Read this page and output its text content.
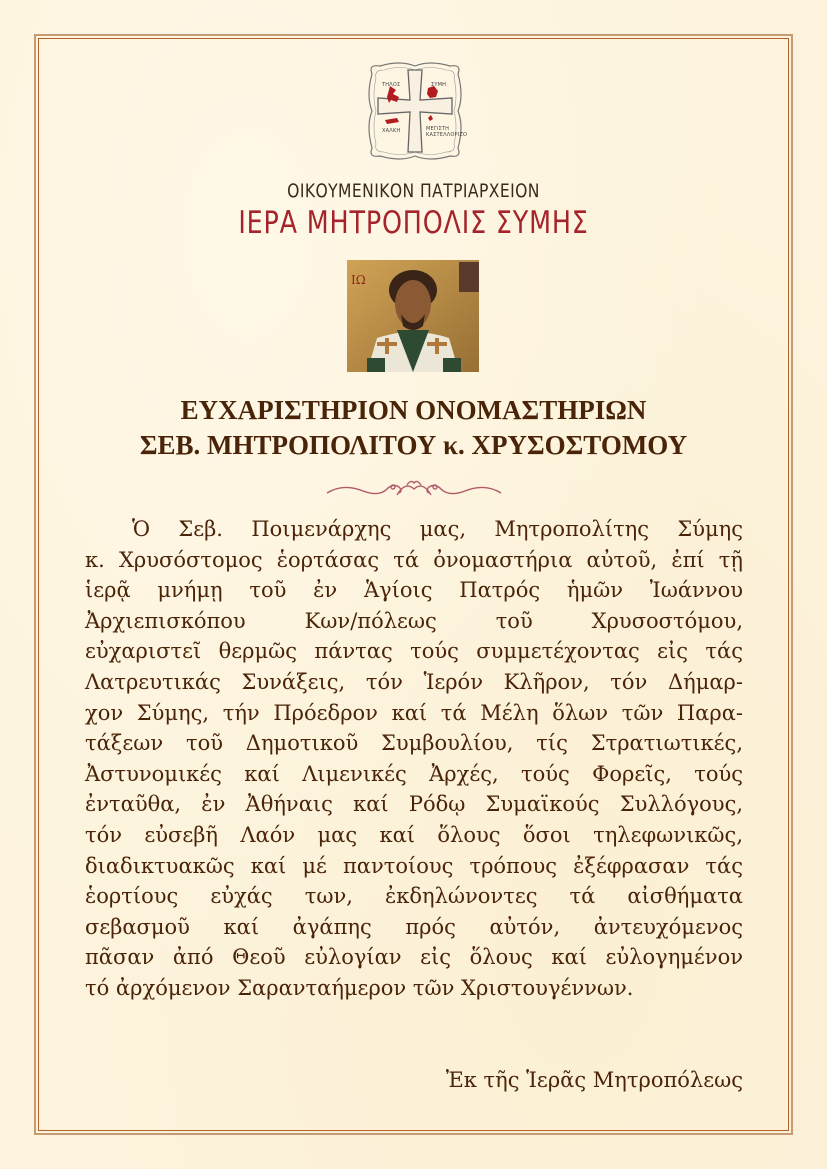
ΤΗΛΟΣ	ΣΥΜΗ
ΧΑΛΚΗ	ΜΕΓΙΣΤΗ ΚΑΣΤΕΛΛΟΡΙΖΟ
ΟΙΚΟΥΜΕΝΙΚΟΝ ΠΑΤΡΙΑΡΧΕΙΟΝ
ΙΕΡΑ ΜΗΤΡΟΠΟΛΙΣ ΣΥΜΗΣ
ΙΩ
ΕΥΧΑΡΙΣΤΗΡΙΟΝ ΟΝΟΜΑΣΤΗΡΙΩΝ
ΣΕΒ. ΜΗΤΡΟΠΟΛΙΤΟΥ κ. ΧΡΥΣΟΣΤΟΜΟΥ
Ὁ Σεβ. Ποιμενάρχης μας, Μητροπολίτης Σύμης
κ. Χρυσόστομος ἑορτάσας τά ὀνομαστήρια αὐτοῦ, ἐπί τῇ
ἱερᾷ μνήμῃ τοῦ ἐν Ἁγίοις Πατρός ἡμῶν Ἰωάννου
Ἀρχιεπισκόπου Κων/πόλεως τοῦ Χρυσοστόμου,
εὐχαριστεῖ θερμῶς πάντας τούς συμμετέχοντας εἰς τάς
Λατρευτικάς Συνάξεις, τόν Ἱερόν Κλῆρον, τόν Δήμαρ-
χον Σύμης, τήν Πρόεδρον καί τά Μέλη ὅλων τῶν Παρα-
τάξεων τοῦ Δημοτικοῦ Συμβουλίου, τίς Στρατιωτικές,
Ἀστυνομικές καί Λιμενικές Ἀρχές, τούς Φορεῖς, τούς
ἐνταῦθα, ἐν Ἀθήναις καί Ρόδῳ Συμαϊκούς Συλλόγους,
τόν εὐσεβῆ Λαόν μας καί ὅλους ὅσοι τηλεφωνικῶς,
διαδικτυακῶς καί μέ παντοίους τρόπους ἐξέφρασαν τάς
ἑορτίους εὐχάς των, ἐκδηλώνοντες τά αἰσθήματα
σεβασμοῦ καί ἀγάπης πρός αὐτόν, ἀντευχόμενος
πᾶσαν ἀπό Θεοῦ εὐλογίαν εἰς ὅλους καί εὐλογημένον
τό ἀρχόμενον Σαρανταήμερον τῶν Χριστουγέννων.
Ἐκ τῆς Ἱερᾶς Μητροπόλεως
